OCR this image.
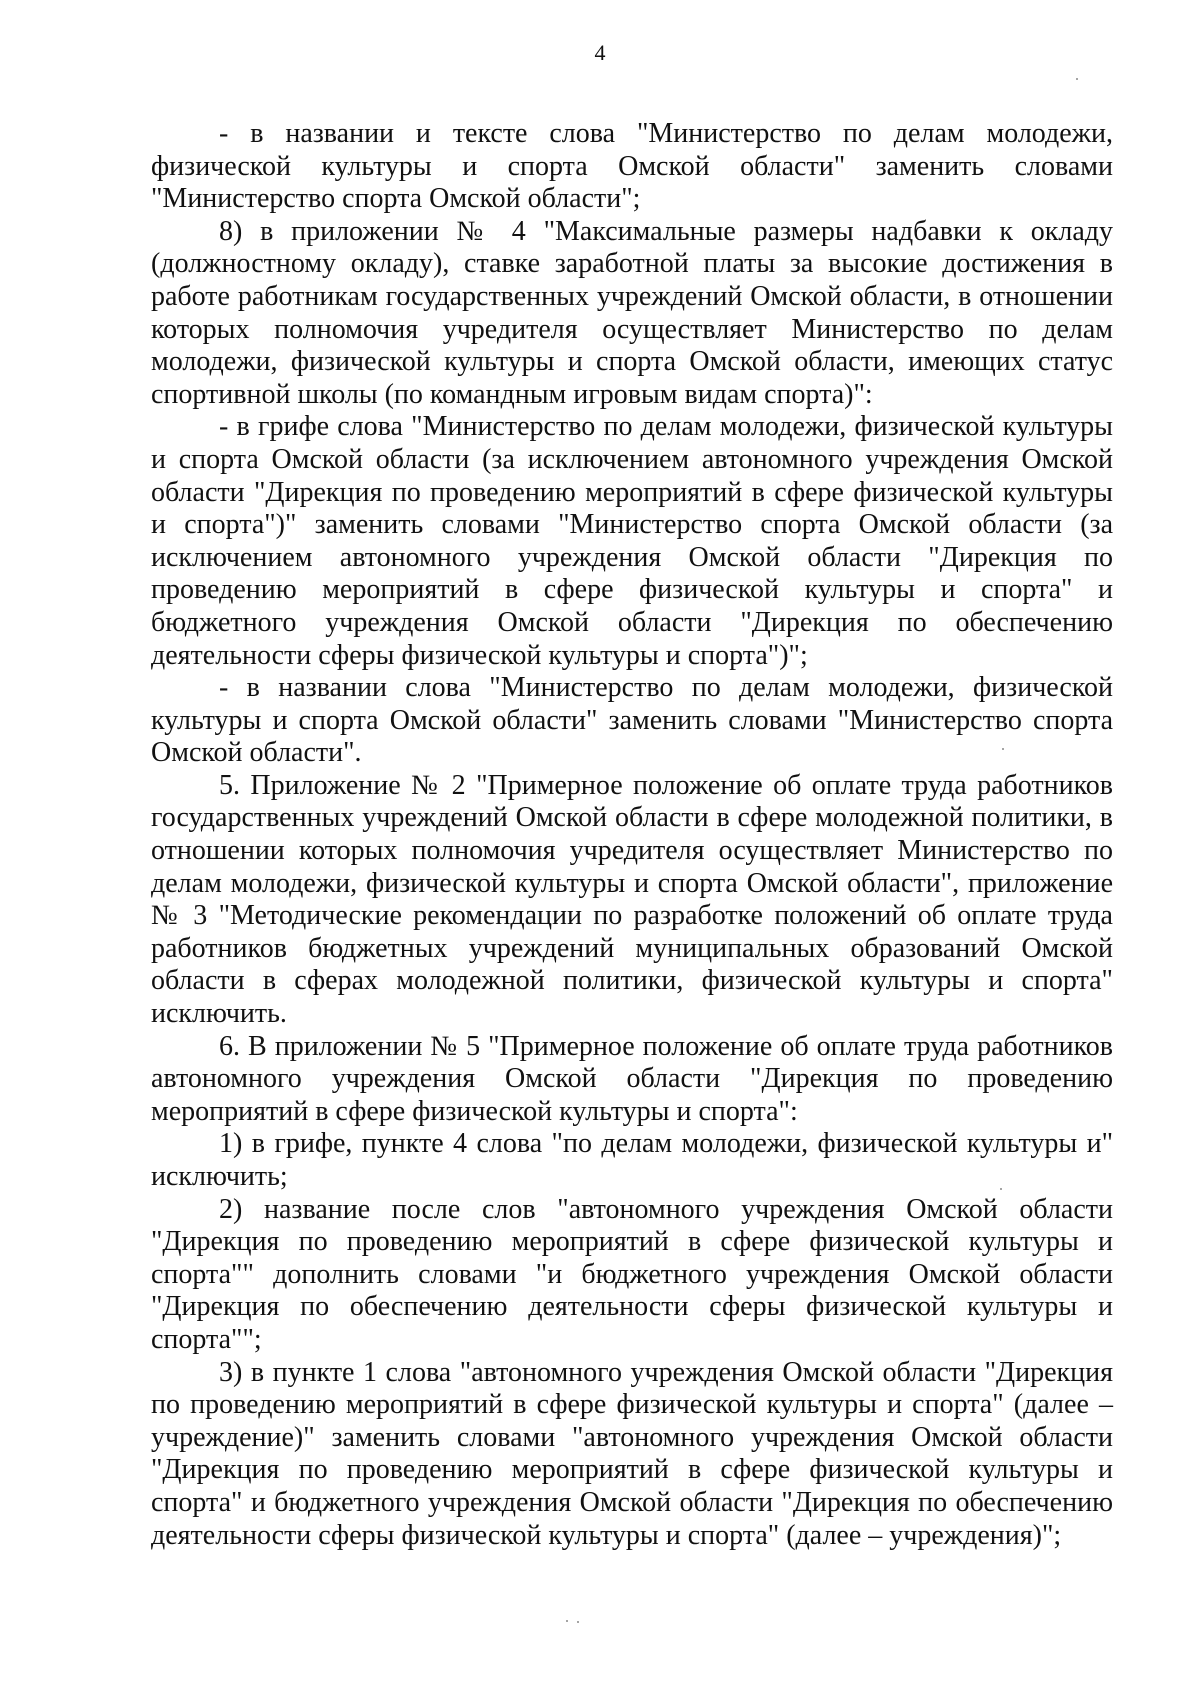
4

- в названии и тексте слова "Министерство по делам молодежи, физической культуры и спорта Омской области" заменить словами "Министерство спорта Омской области";

8) в приложении № 4 "Максимальные размеры надбавки к окладу (должностному окладу), ставке заработной платы за высокие достижения в работе работникам государственных учреждений Омской области, в отношении которых полномочия учредителя осуществляет Министерство по делам молодежи, физической культуры и спорта Омской области, имеющих статус спортивной школы (по командным игровым видам спорта)":

- в грифе слова "Министерство по делам молодежи, физической культуры и спорта Омской области (за исключением автономного учреждения Омской области "Дирекция по проведению мероприятий в сфере физической культуры и спорта")" заменить словами "Министерство спорта Омской области (за исключением автономного учреждения Омской области "Дирекция по проведению мероприятий в сфере физической культуры и спорта" и бюджетного учреждения Омской области "Дирекция по обеспечению деятельности сферы физической культуры и спорта")";

- в названии слова "Министерство по делам молодежи, физической культуры и спорта Омской области" заменить словами "Министерство спорта Омской области".

5. Приложение № 2 "Примерное положение об оплате труда работников государственных учреждений Омской области в сфере молодежной политики, в отношении которых полномочия учредителя осуществляет Министерство по делам молодежи, физической культуры и спорта Омской области", приложение № 3 "Методические рекомендации по разработке положений об оплате труда работников бюджетных учреждений муниципальных образований Омской области в сферах молодежной политики, физической культуры и спорта" исключить.

6. В приложении № 5 "Примерное положение об оплате труда работников автономного учреждения Омской области "Дирекция по проведению мероприятий в сфере физической культуры и спорта":

1) в грифе, пункте 4 слова "по делам молодежи, физической культуры и" исключить;

2) название после слов "автономного учреждения Омской области "Дирекция по проведению мероприятий в сфере физической культуры и спорта"" дополнить словами "и бюджетного учреждения Омской области "Дирекция по обеспечению деятельности сферы физической культуры и спорта"";

3) в пункте 1 слова "автономного учреждения Омской области "Дирекция по проведению мероприятий в сфере физической культуры и спорта" (далее – учреждение)" заменить словами "автономного учреждения Омской области "Дирекция по проведению мероприятий в сфере физической культуры и спорта" и бюджетного учреждения Омской области "Дирекция по обеспечению деятельности сферы физической культуры и спорта" (далее – учреждения)";
